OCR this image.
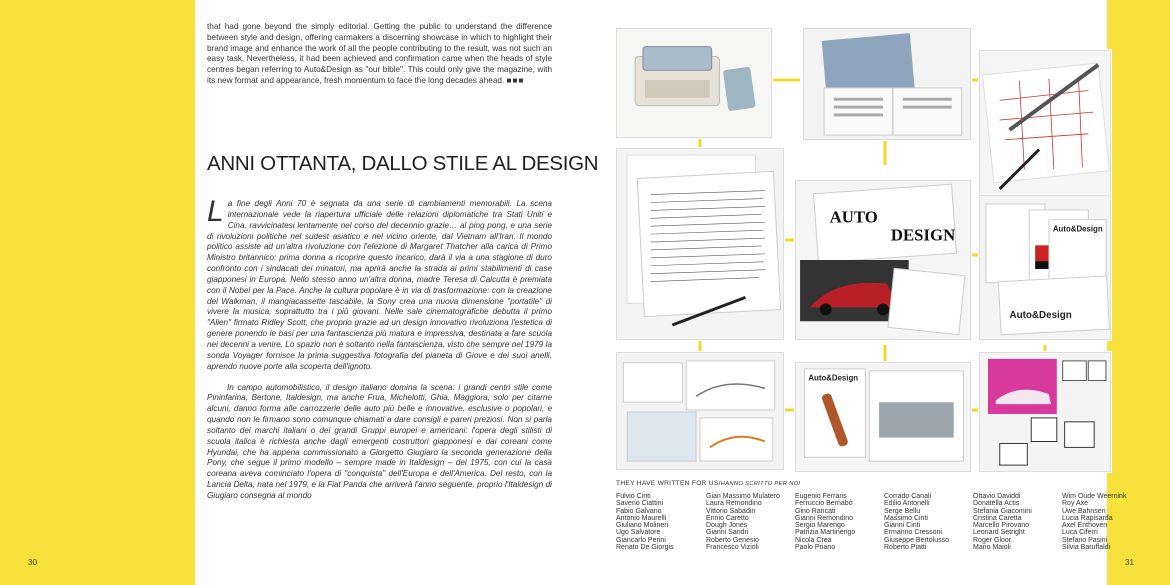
30	31
that had gone beyond the simply editorial. Getting the public to understand the difference between style and design, offering carmakers a discerning showcase in which to highlight their brand image and enhance the work of all the people contributing to the result, was not such an easy task. Nevertheless, it had been achieved and confirmation came when the heads of style centres began referring to Auto&Design as "our bible". This could only give the magazine, with its new format and appearance, fresh momentum to face the long decades ahead. ■■■
ANNI OTTANTA, DALLO STILE AL DESIGN

L a fine degli Anni 70 è segnata da una serie di cambiamenti memorabili. La scena internazionale vede la riapertura ufficiale delle relazioni diplomatiche tra Stati Uniti e Cina, ravvicinatesi lentamente nel corso del decennio grazie… al ping pong, e una serie di rivoluzioni politiche nel sudest asiatico e nel vicino oriente, dal Vietnam all'Iran. Il mondo politico assiste ad un'altra rivoluzione con l'elezione di Margaret Thatcher alla carica di Primo Ministro britannico: prima donna a ricoprire questo incarico, darà il via a una stagione di duro confronto con i sindacati dei minatori, ma aprirà anche la strada ai primi stabilimenti di case giapponesi in Europa. Nello stesso anno un'altra donna, madre Teresa di Calcutta è premiata con il Nobel per la Pace. Anche la cultura popolare è in via di trasformazione: con la creazione del Walkman, il mangiacassette tascabile, la Sony crea una nuova dimensione "portatile" di vivere la musica, soprattutto tra i più giovani. Nelle sale cinematografiche debutta il primo "Alien" firmato Ridley Scott, che proprio grazie ad un design innovativo rivoluziona l'estetica di genere ponendo le basi per una fantascienza più matura e impressiva, destinata a fare scuola nei decenni a venire. Lo spazio non è soltanto nella fantascienza, visto che sempre nel 1979 la sonda Voyager fornisce la prima suggestiva fotografia del pianeta di Giove e dei suoi anelli, aprendo nuove porte alla scoperta dell'ignoto.

In campo automobilistico, il design italiano domina la scena: i grandi centri stile come Pininfarina, Bertone, Italdesign, ma anche Frua, Michelotti, Ghia, Maggiora, solo per citarne alcuni, danno forma alle carrozzerie delle auto più belle e innovative, esclusive o popolari, e quando non le firmano sono comunque chiamati a dare consigli e pareri preziosi. Non si parla soltanto dei marchi italiani o dei grandi Gruppi europei e americani: l'opera degli stilisti di scuola italica è richiesta anche dagli emergenti costruttori giapponesi e dai coreani come Hyundai, che ha appena commissionato a Giorgetto Giugiaro la seconda generazione della Pony, che segue il primo modello – sempre made in Italdesign – del 1975, con cui la casa coreana aveva cominciato l'opera di "conquista" dell'Europa e dell'America. Del resto, con la Lancia Delta, nata nel 1979, e la Fiat Panda che arriverà l'anno seguente, proprio l'Italdesign di Giugiaro consegna al mondo

AUTO
DESIGN	Auto&Design
Auto&Design
Auto&Design
THEY HAVE WRITTEN FOR US/HANNO SCRITTO PER NOI
Fulvio Cinti
Saverio Ciattini
Fabio Galvano
Antonio Maurelli
Giuliano Molineri
Ugo Salvatore
Giancarlo Perini
Renato De Giorgis
Gian Massimo Mulatero
Laura Remondino
Vittorio Sabadin
Ennio Caretto
Dough Jones
Gianni Sandri
Roberto Genesio
Francesco Vizioli
Eugenio Ferraris
Ferruccio Bernabò
Gino Rancati
Gianni Remondino
Sergio Marengo
Patrizia Martinengo
Nicola Crea
Paolo Priano
Corrado Canali
Edilio Antonelli
Serge Bellu
Massimo Cinti
Gianni Cinti
Ermanno Cressoni
Giuseppe Bertolusso
Roberto Piatti
Ottavio Daviddi
Donatella Actis
Stefania Giacomini
Cristina Caretta
Marcello Pirovano
Leonard Setright
Roger Gloor
Mario Maioli
Wim Oude Weernink
Roy Axe
Uwe Bahnsen
Lucia Rapisarda
Axel Enthoven
Luca Ciferri
Stefano Pasini
Silvia Baruffaldi
